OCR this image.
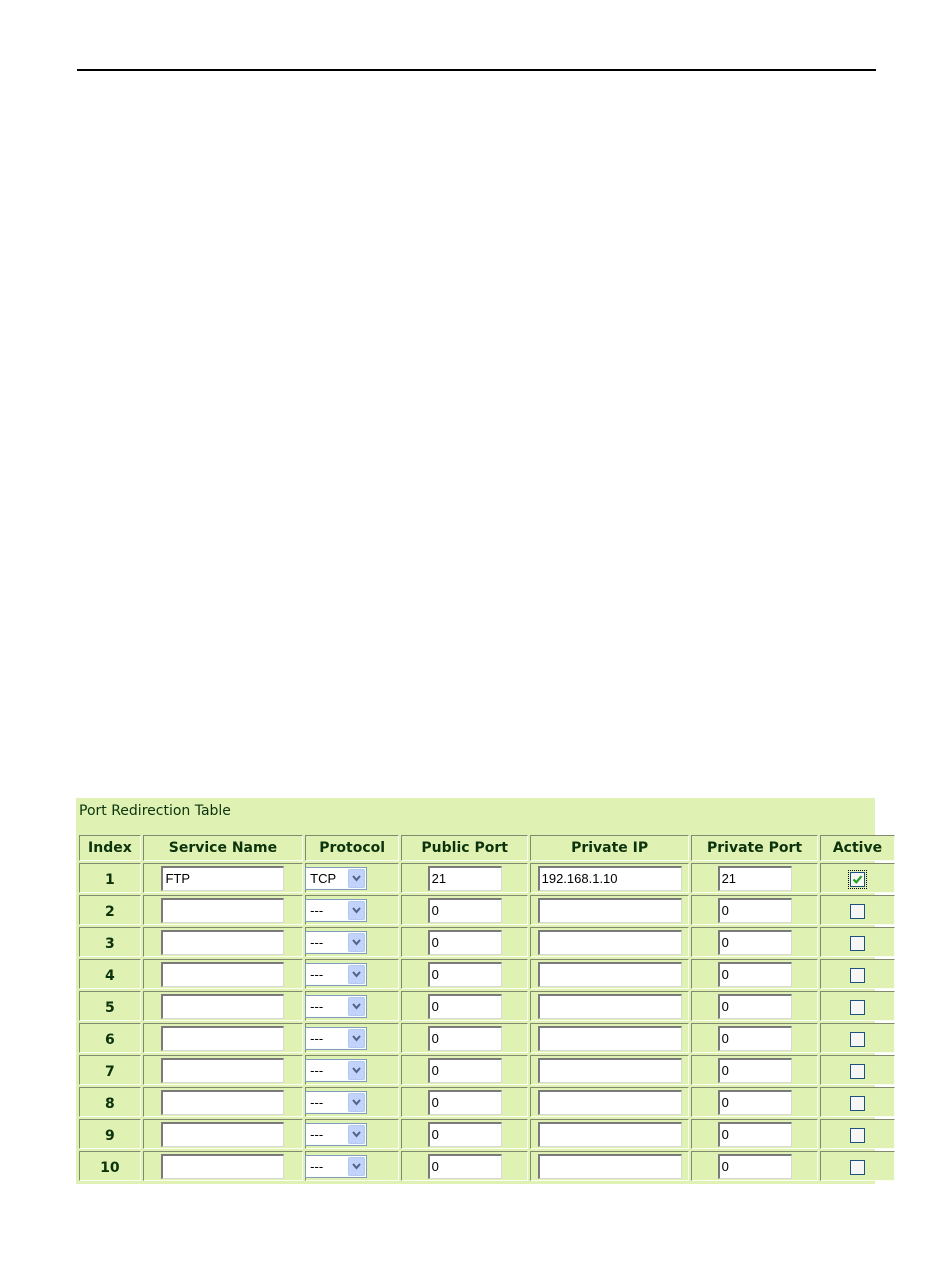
Port Redirection Table
Index	Service Name	Protocol	Public Port	Private IP	Private Port	Active
1	FTP	TCP	21	192.168.1.10	21	

2		---	0		0	
3		---	0		0	
4		---	0		0	
5		---	0		0	
6		---	0		0	
7		---	0		0	
8		---	0		0	
9		---	0		0	
10		---	0		0	
